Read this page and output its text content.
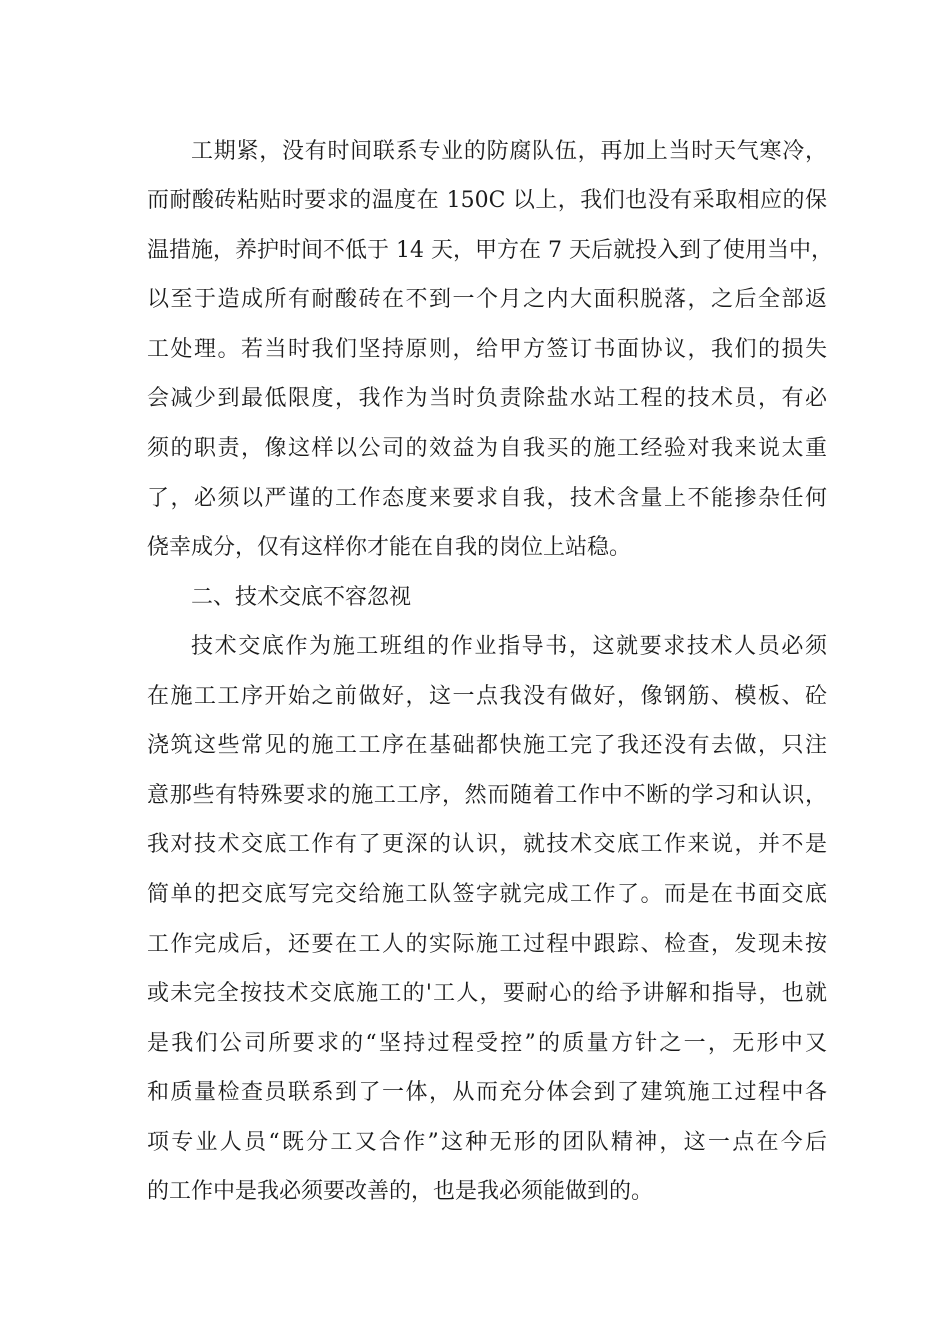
工期紧，没有时间联系专业的防腐队伍，再加上当时天气寒冷，
而耐酸砖粘贴时要求的温度在 150C 以上，我们也没有采取相应的保
温措施，养护时间不低于 14 天，甲方在 7 天后就投入到了使用当中，
以至于造成所有耐酸砖在不到一个月之内大面积脱落，之后全部返
工处理。若当时我们坚持原则，给甲方签订书面协议，我们的损失
会减少到最低限度，我作为当时负责除盐水站工程的技术员，有必
须的职责，像这样以公司的效益为自我买的施工经验对我来说太重
了，必须以严谨的工作态度来要求自我，技术含量上不能掺杂任何
侥幸成分，仅有这样你才能在自我的岗位上站稳。
二、技术交底不容忽视
技术交底作为施工班组的作业指导书，这就要求技术人员必须
在施工工序开始之前做好，这一点我没有做好，像钢筋、模板、砼
浇筑这些常见的施工工序在基础都快施工完了我还没有去做，只注
意那些有特殊要求的施工工序，然而随着工作中不断的学习和认识，
我对技术交底工作有了更深的认识，就技术交底工作来说，并不是
简单的把交底写完交给施工队签字就完成工作了。而是在书面交底
工作完成后，还要在工人的实际施工过程中跟踪、检查，发现未按
或未完全按技术交底施工的'工人，要耐心的给予讲解和指导，也就
是我们公司所要求的“坚持过程受控”的质量方针之一，无形中又
和质量检查员联系到了一体，从而充分体会到了建筑施工过程中各
项专业人员“既分工又合作”这种无形的团队精神，这一点在今后
的工作中是我必须要改善的，也是我必须能做到的。
